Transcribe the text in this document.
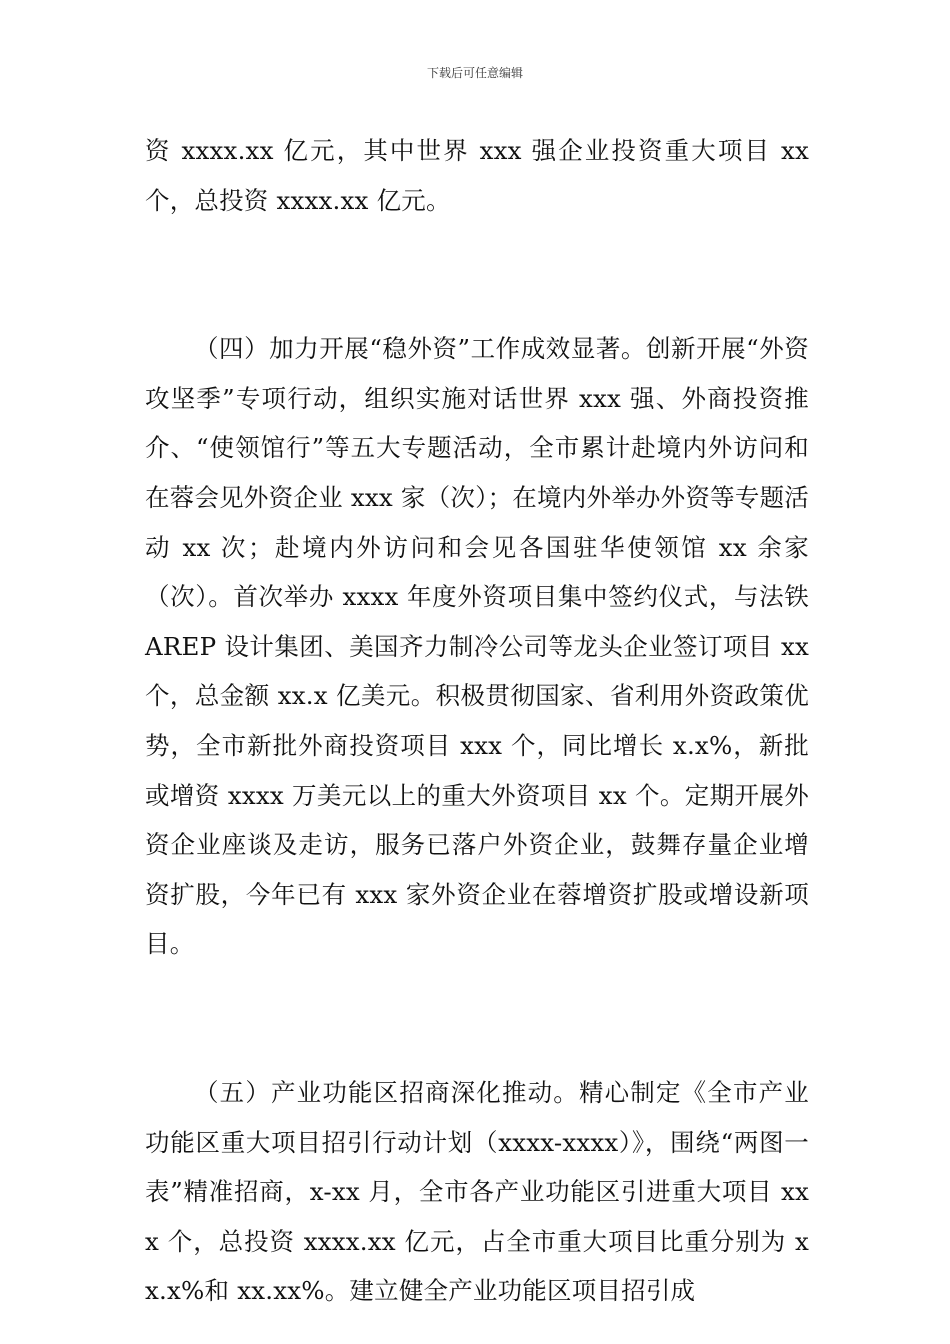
下载后可任意编辑

资 xxxx.xx 亿元，其中世界 xxx 强企业投资重大项目 xx 个，总投资 xxxx.xx 亿元。

（四）加力开展“稳外资”工作成效显著。创新开展“外资攻坚季”专项行动，组织实施对话世界 xxx 强、外商投资推介、“使领馆行”等五大专题活动，全市累计赴境内外访问和在蓉会见外资企业 xxx 家（次）；在境内外举办外资等专题活动 xx 次；赴境内外访问和会见各国驻华使领馆 xx 余家（次）。首次举办 xxxx 年度外资项目集中签约仪式，与法铁 AREP 设计集团、美国齐力制冷公司等龙头企业签订项目 xx 个，总金额 xx.x 亿美元。积极贯彻国家、省利用外资政策优势，全市新批外商投资项目 xxx 个，同比增长 x.x%，新批或增资 xxxx 万美元以上的重大外资项目 xx 个。定期开展外资企业座谈及走访，服务已落户外资企业，鼓舞存量企业增资扩股，今年已有 xxx 家外资企业在蓉增资扩股或增设新项目。

（五）产业功能区招商深化推动。精心制定《全市产业功能区重大项目招引行动计划（xxxx-xxxx）》，围绕“两图一表”精准招商，x-xx 月，全市各产业功能区引进重大项目 xxx 个，总投资 xxxx.xx 亿元，占全市重大项目比重分别为 xx.x%和 xx.xx%。建立健全产业功能区项目招引成
